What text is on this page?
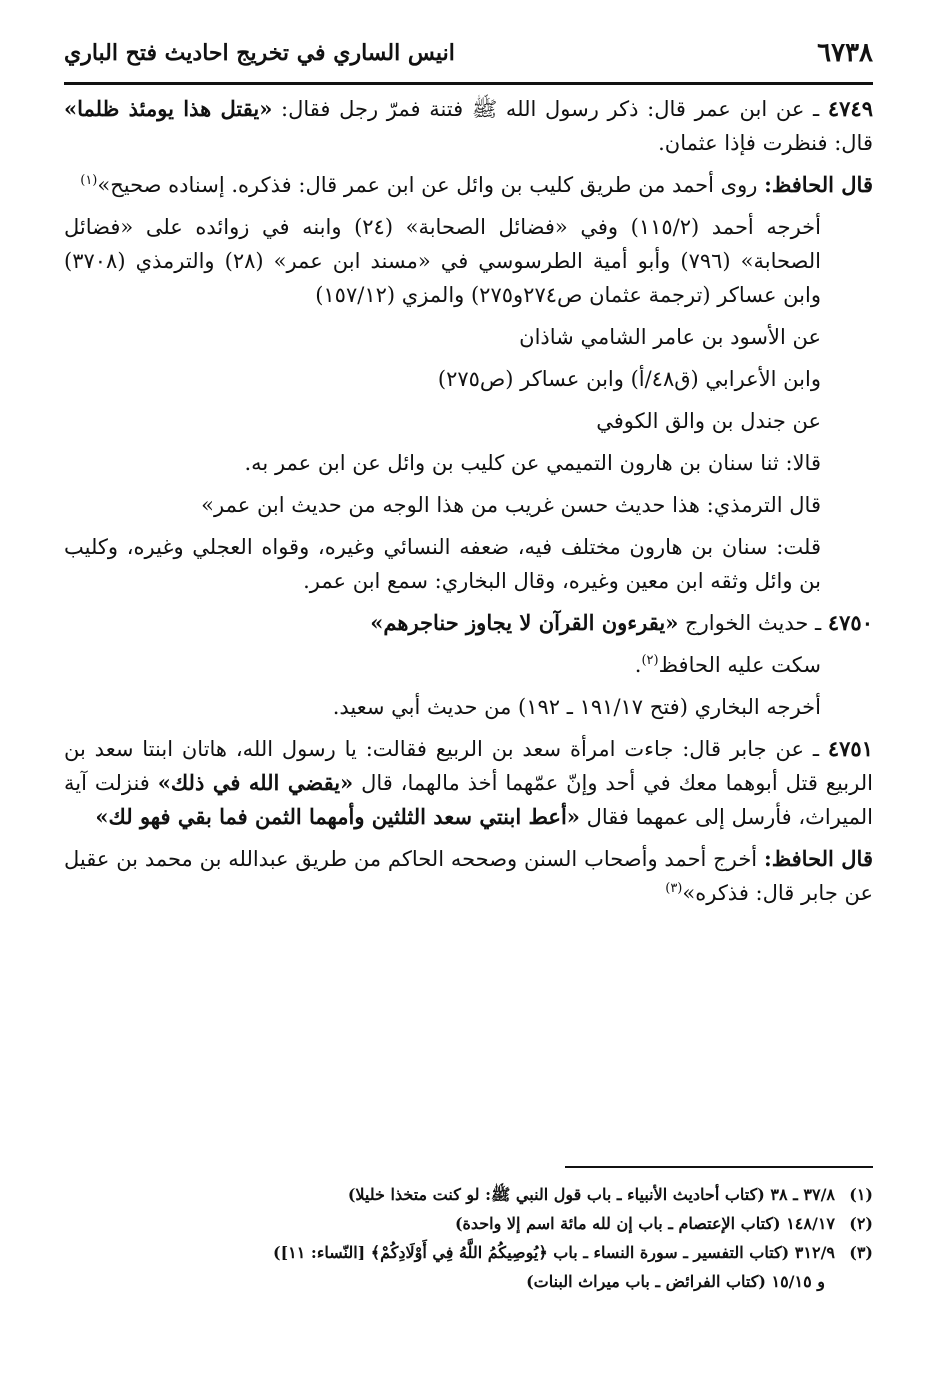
٦٧٣٨
انيس الساري في تخريج احاديث فتح الباري

٤٧٤٩ ـ عن ابن عمر قال: ذكر رسول الله ﷺ فتنة فمرّ رجل فقال: «يقتل هذا يومئذ ظلما» قال: فنظرت فإذا عثمان.

قال الحافظ: روى أحمد من طريق كليب بن وائل عن ابن عمر قال: فذكره. إسناده صحيح»$^{(١)}$

أخرجه أحمد (١١٥/٢) وفي «فضائل الصحابة» (٢٤) وابنه في زوائده على «فضائل الصحابة» (٧٩٦) وأبو أمية الطرسوسي في «مسند ابن عمر» (٢٨) والترمذي (٣٧٠٨) وابن عساكر (ترجمة عثمان ص٢٧٤و٢٧٥) والمزي (١٥٧/١٢)

عن الأسود بن عامر الشامي شاذان

وابن الأعرابي (ق٤٨/أ) وابن عساكر (ص٢٧٥)

عن جندل بن والق الكوفي

قالا: ثنا سنان بن هارون التميمي عن كليب بن وائل عن ابن عمر به.

قال الترمذي: هذا حديث حسن غريب من هذا الوجه من حديث ابن عمر»

قلت: سنان بن هارون مختلف فيه، ضعفه النسائي وغيره، وقواه العجلي وغيره، وكليب بن وائل وثقه ابن معين وغيره، وقال البخاري: سمع ابن عمر.

٤٧٥٠ ـ حديث الخوارج «يقرءون القرآن لا يجاوز حناجرهم»

سكت عليه الحافظ$^{(٢)}$.

أخرجه البخاري (فتح ١٩١/١٧ ـ ١٩٢) من حديث أبي سعيد.

٤٧٥١ ـ عن جابر قال: جاءت امرأة سعد بن الربيع فقالت: يا رسول الله، هاتان ابنتا سعد بن الربيع قتل أبوهما معك في أحد وإنّ عمّهما أخذ مالهما، قال «يقضي الله في ذلك» فنزلت آية الميراث، فأرسل إلى عمهما فقال «أعط ابنتي سعد الثلثين وأمهما الثمن فما بقي فهو لك»

قال الحافظ: أخرج أحمد وأصحاب السنن وصححه الحاكم من طريق عبدالله بن محمد بن عقيل عن جابر قال: فذكره»$^{(٣)}$

(١)٣٧/٨ ـ ٣٨ (كتاب أحاديث الأنبياء ـ باب قول النبي ﷺ: لو كنت متخذا خليلا)

(٢)١٤٨/١٧ (كتاب الإعتصام ـ باب إن لله مائة اسم إلا واحدة)

(٣)٣١٢/٩ (كتاب التفسير ـ سورة النساء ـ باب ﴿يُوصِيكُمُ اللَّهُ فِي أَوْلَادِكُمْ﴾ [النّساء: ١١])

و ١٥/١٥ (كتاب الفرائض ـ باب ميراث البنات)
